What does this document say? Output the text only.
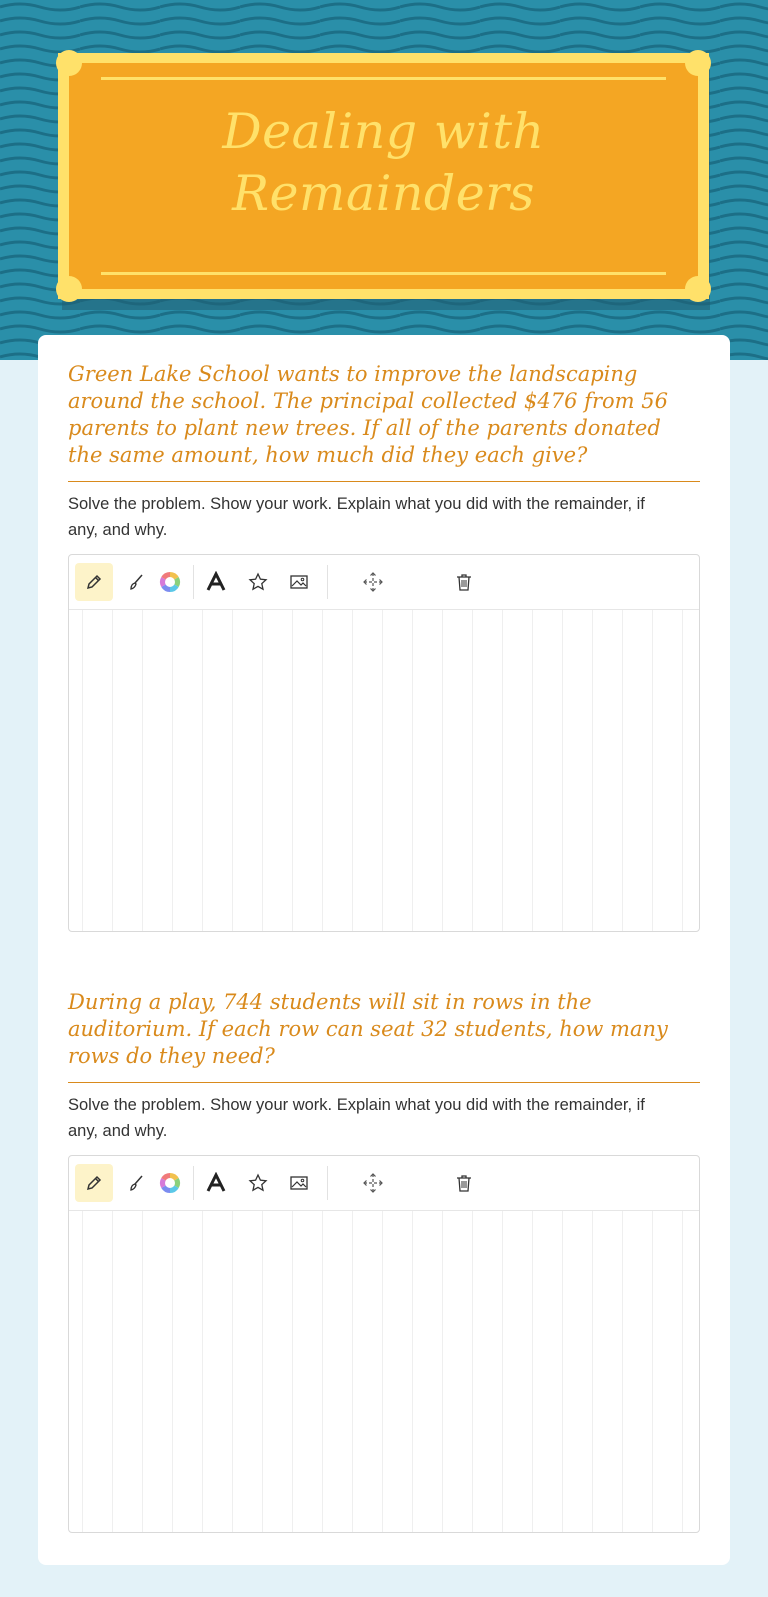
Dealing with Remainders
Green Lake School wants to improve the landscaping around the school. The principal collected $476 from 56 parents to plant new trees. If all of the parents donated the same amount, how much did they each give?
Solve the problem. Show your work. Explain what you did with the remainder, if any, and why.
During a play, 744 students will sit in rows in the auditorium. If each row can seat 32 students, how many rows do they need?
Solve the problem. Show your work. Explain what you did with the remainder, if any, and why.
